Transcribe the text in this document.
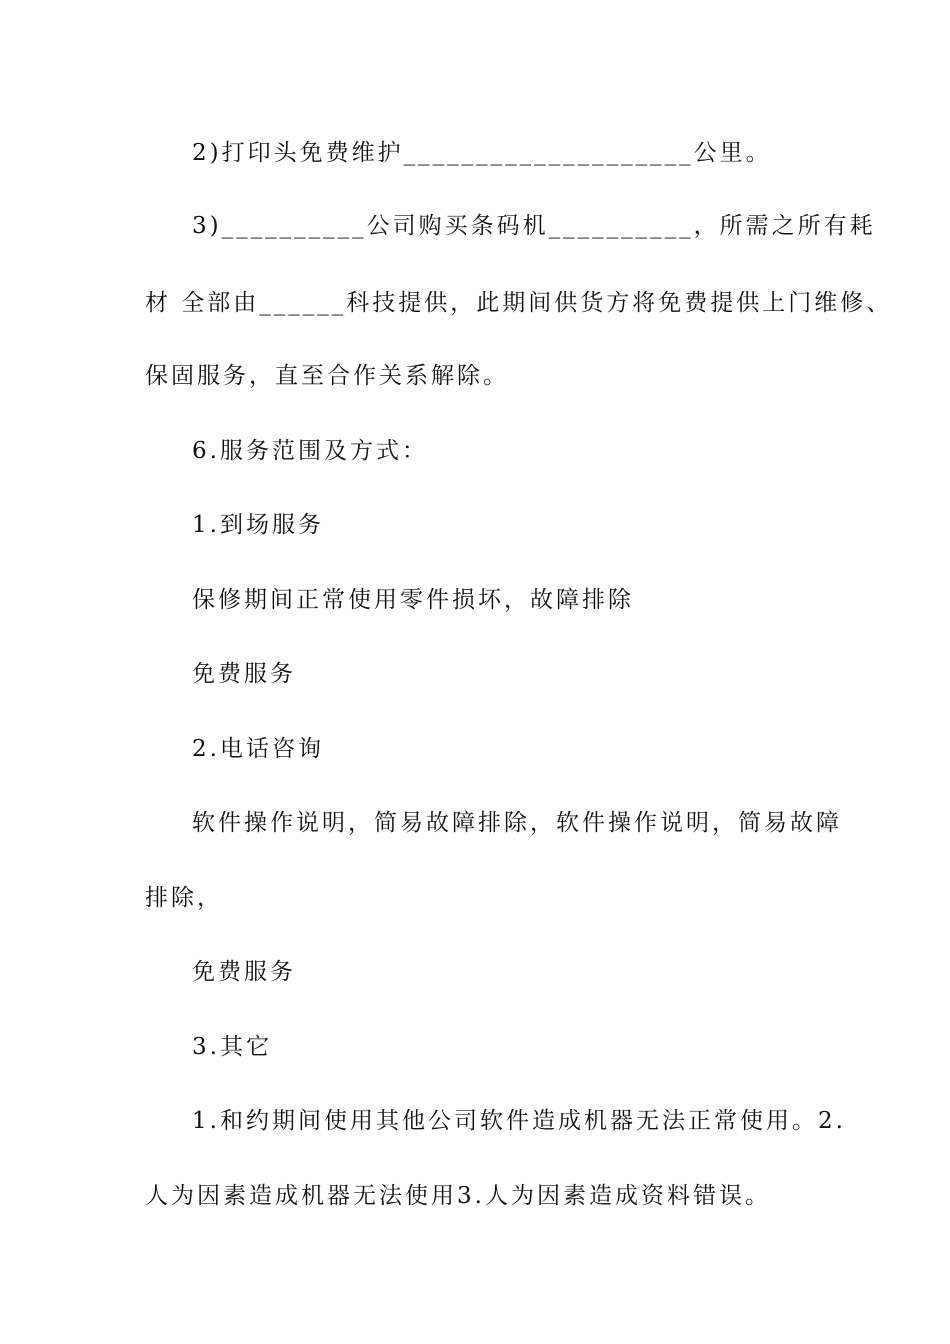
2)打印头免费维护____________________公里。
3)__________公司购买条码机__________，所需之所有耗
材 全部由______科技提供，此期间供货方将免费提供上门维修、
保固服务，直至合作关系解除。
6.服务范围及方式：
1.到场服务
保修期间正常使用零件损坏，故障排除
免费服务
2.电话咨询
软件操作说明，简易故障排除，软件操作说明，简易故障
排除，
免费服务
3.其它
1.和约期间使用其他公司软件造成机器无法正常使用。2.
人为因素造成机器无法使用3.人为因素造成资料错误。
